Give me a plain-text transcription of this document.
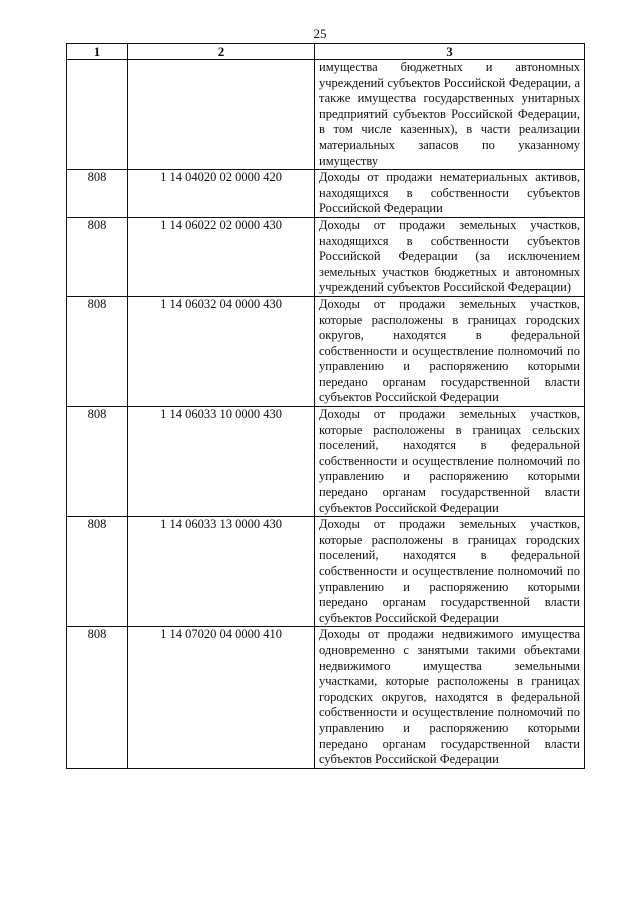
25
1	2	3
		имущества бюджетных и автономных учреждений субъектов Российской Федерации, а также имущества государственных унитарных предприятий субъектов Российской Федерации, в том числе казенных), в части реализации материальных запасов по указанному имуществу
808	1 14 04020 02 0000 420	Доходы от продажи нематериальных активов, находящихся в собственности субъектов Российской Федерации
808	1 14 06022 02 0000 430	Доходы от продажи земельных участков, находящихся в собственности субъектов Российской Федерации (за исключением земельных участков бюджетных и автономных учреждений субъектов Российской Федерации)
808	1 14 06032 04 0000 430	Доходы от продажи земельных участков, которые расположены в границах городских округов, находятся в федеральной собственности и осуществление полномочий по управлению и распоряжению которыми передано органам государственной власти субъектов Российской Федерации
808	1 14 06033 10 0000 430	Доходы от продажи земельных участков, которые расположены в границах сельских поселений, находятся в федеральной собственности и осуществление полномочий по управлению и распоряжению которыми передано органам государственной власти субъектов Российской Федерации
808	1 14 06033 13 0000 430	Доходы от продажи земельных участков, которые расположены в границах городских поселений, находятся в федеральной собственности и осуществление полномочий по управлению и распоряжению которыми передано органам государственной власти субъектов Российской Федерации
808	1 14 07020 04 0000 410	Доходы от продажи недвижимого имущества одновременно с занятыми такими объектами недвижимого имущества земельными участками, которые расположены в границах городских округов, находятся в федеральной собственности и осуществление полномочий по управлению и распоряжению которыми передано органам государственной власти субъектов Российской Федерации
